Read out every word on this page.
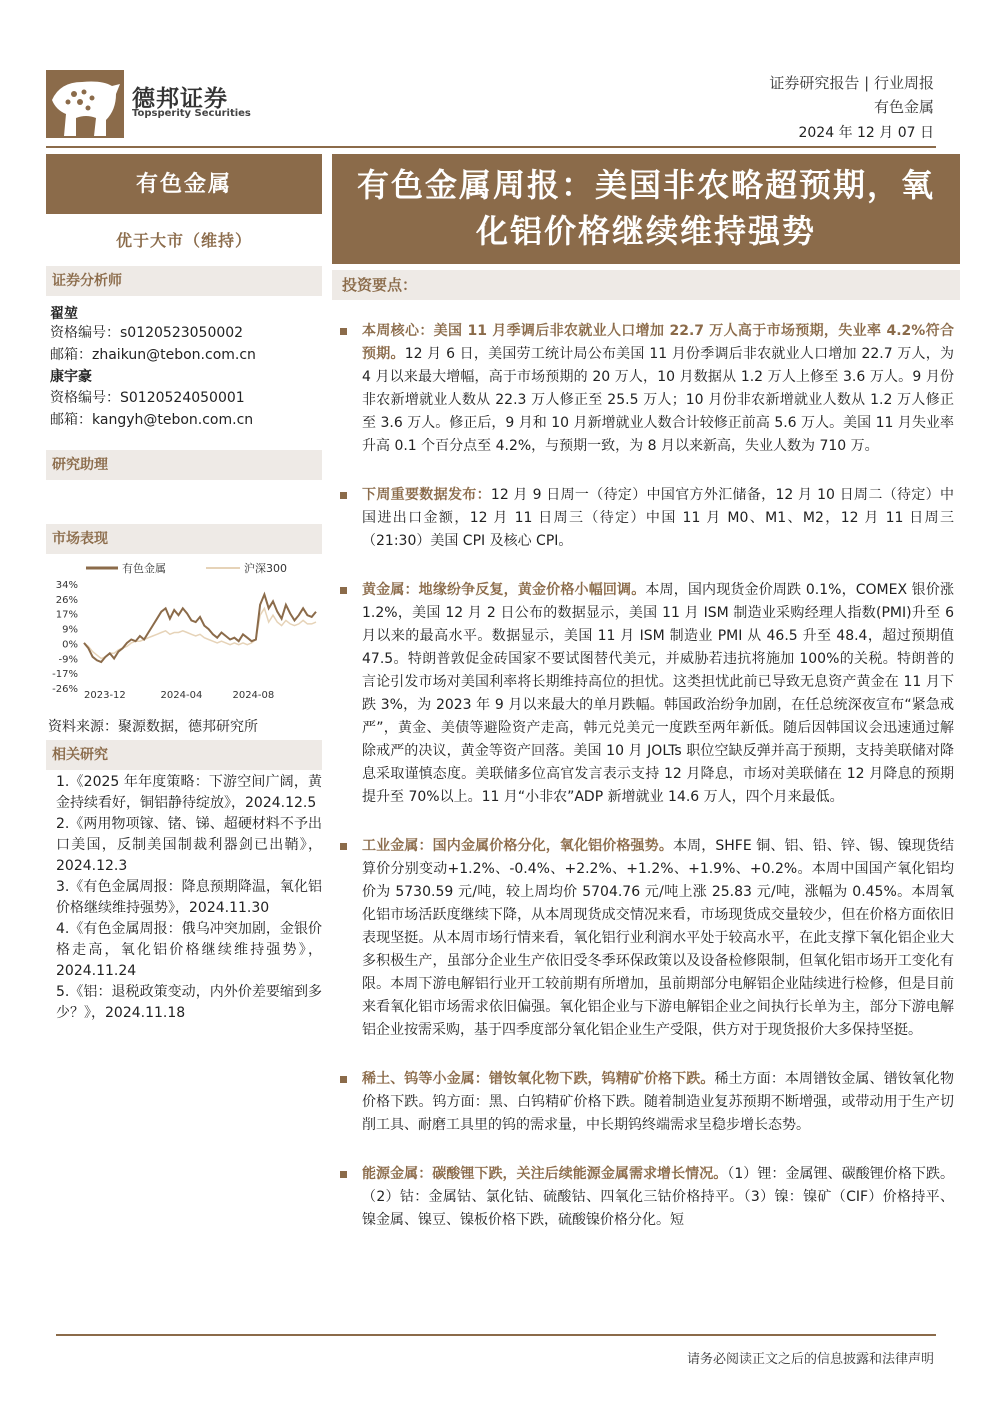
德邦证券
Topsperity Securities
证券研究报告 | 行业周报
有色金属
2024 年 12 月 07 日
有色金属
优于大市（维持）
证券分析师
翟堃
资格编号：s0120523050002
邮箱：zhaikun@tebon.com.cn
康宇豪
资格编号：S0120524050001
邮箱：kangyh@tebon.com.cn
研究助理
市场表现
有色金属	沪深300
34%
26%
17%
9%
0%
-9%
-17%
-26%
2023-12	2024-04	2024-08
资料来源：聚源数据，德邦研究所
相关研究
1.《2025 年年度策略：下游空间广阔，黄金持续看好，铜铝静待绽放》，2024.12.5
2.《两用物项镓、锗、锑、超硬材料不予出口美国，反制美国制裁利器剑已出鞘》，2024.12.3
3.《有色金属周报：降息预期降温，氧化铝价格继续维持强势》，2024.11.30
4.《有色金属周报：俄乌冲突加剧，金银价格走高，氧化铝价格继续维持强势》，2024.11.24
5.《铝：退税政策变动，内外价差要缩到多少？》，2024.11.18
有色金属周报：美国非农略超预期，氧化铝价格继续维持强势
投资要点：
本周核心：美国 11 月季调后非农就业人口增加 22.7 万人高于市场预期，失业率 4.2%符合预期。12 月 6 日，美国劳工统计局公布美国 11 月份季调后非农就业人口增加 22.7 万人，为 4 月以来最大增幅，高于市场预期的 20 万人，10 月数据从 1.2 万人上修至 3.6 万人。9 月份非农新增就业人数从 22.3 万人修正至 25.5 万人；10 月份非农新增就业人数从 1.2 万人修正至 3.6 万人。修正后，9 月和 10 月新增就业人数合计较修正前高 5.6 万人。美国 11 月失业率升高 0.1 个百分点至 4.2%，与预期一致，为 8 月以来新高，失业人数为 710 万。
下周重要数据发布：12 月 9 日周一（待定）中国官方外汇储备，12 月 10 日周二（待定）中国进出口金额，12 月 11 日周三（待定）中国 11 月 M0、M1、M2，12 月 11 日周三（21:30）美国 CPI 及核心 CPI。
黄金属：地缘纷争反复，黄金价格小幅回调。本周，国内现货金价周跌 0.1%，COMEX 银价涨 1.2%，美国 12 月 2 日公布的数据显示，美国 11 月 ISM 制造业采购经理人指数(PMI)升至 6 月以来的最高水平。数据显示，美国 11 月 ISM 制造业 PMI 从 46.5 升至 48.4，超过预期值 47.5。特朗普敦促金砖国家不要试图替代美元，并威胁若违抗将施加 100%的关税。特朗普的言论引发市场对美国利率将长期维持高位的担忧。这类担忧此前已导致无息资产黄金在 11 月下跌 3%，为 2023 年 9 月以来最大的单月跌幅。韩国政治纷争加剧，在任总统深夜宣布“紧急戒严”，黄金、美债等避险资产走高，韩元兑美元一度跌至两年新低。随后因韩国议会迅速通过解除戒严的决议，黄金等资产回落。美国 10 月 JOLTs 职位空缺反弹并高于预期，支持美联储对降息采取谨慎态度。美联储多位高官发言表示支持 12 月降息，市场对美联储在 12 月降息的预期提升至 70%以上。11 月“小非农”ADP 新增就业 14.6 万人，四个月来最低。
工业金属：国内金属价格分化，氧化铝价格强势。本周，SHFE 铜、铝、铅、锌、锡、镍现货结算价分别变动+1.2%、-0.4%、+2.2%、+1.2%、+1.9%、+0.2%。本周中国国产氧化铝均价为 5730.59 元/吨，较上周均价 5704.76 元/吨上涨 25.83 元/吨，涨幅为 0.45%。本周氧化铝市场活跃度继续下降，从本周现货成交情况来看，市场现货成交量较少，但在价格方面依旧表现坚挺。从本周市场行情来看，氧化铝行业利润水平处于较高水平，在此支撑下氧化铝企业大多积极生产，虽部分企业生产依旧受冬季环保政策以及设备检修限制，但氧化铝市场开工变化有限。本周下游电解铝行业开工较前期有所增加，虽前期部分电解铝企业陆续进行检修，但是目前来看氧化铝市场需求依旧偏强。氧化铝企业与下游电解铝企业之间执行长单为主，部分下游电解铝企业按需采购，基于四季度部分氧化铝企业生产受限，供方对于现货报价大多保持坚挺。
稀土、钨等小金属：镨钕氧化物下跌，钨精矿价格下跌。稀土方面：本周镨钕金属、镨钕氧化物价格下跌。钨方面：黑、白钨精矿价格下跌。随着制造业复苏预期不断增强，或带动用于生产切削工具、耐磨工具里的钨的需求量，中长期钨终端需求呈稳步增长态势。
能源金属：碳酸锂下跌，关注后续能源金属需求增长情况。（1）锂：金属锂、碳酸锂价格下跌。（2）钴：金属钴、氯化钴、硫酸钴、四氧化三钴价格持平。（3）镍：镍矿（CIF）价格持平、镍金属、镍豆、镍板价格下跌，硫酸镍价格分化。短
请务必阅读正文之后的信息披露和法律声明
